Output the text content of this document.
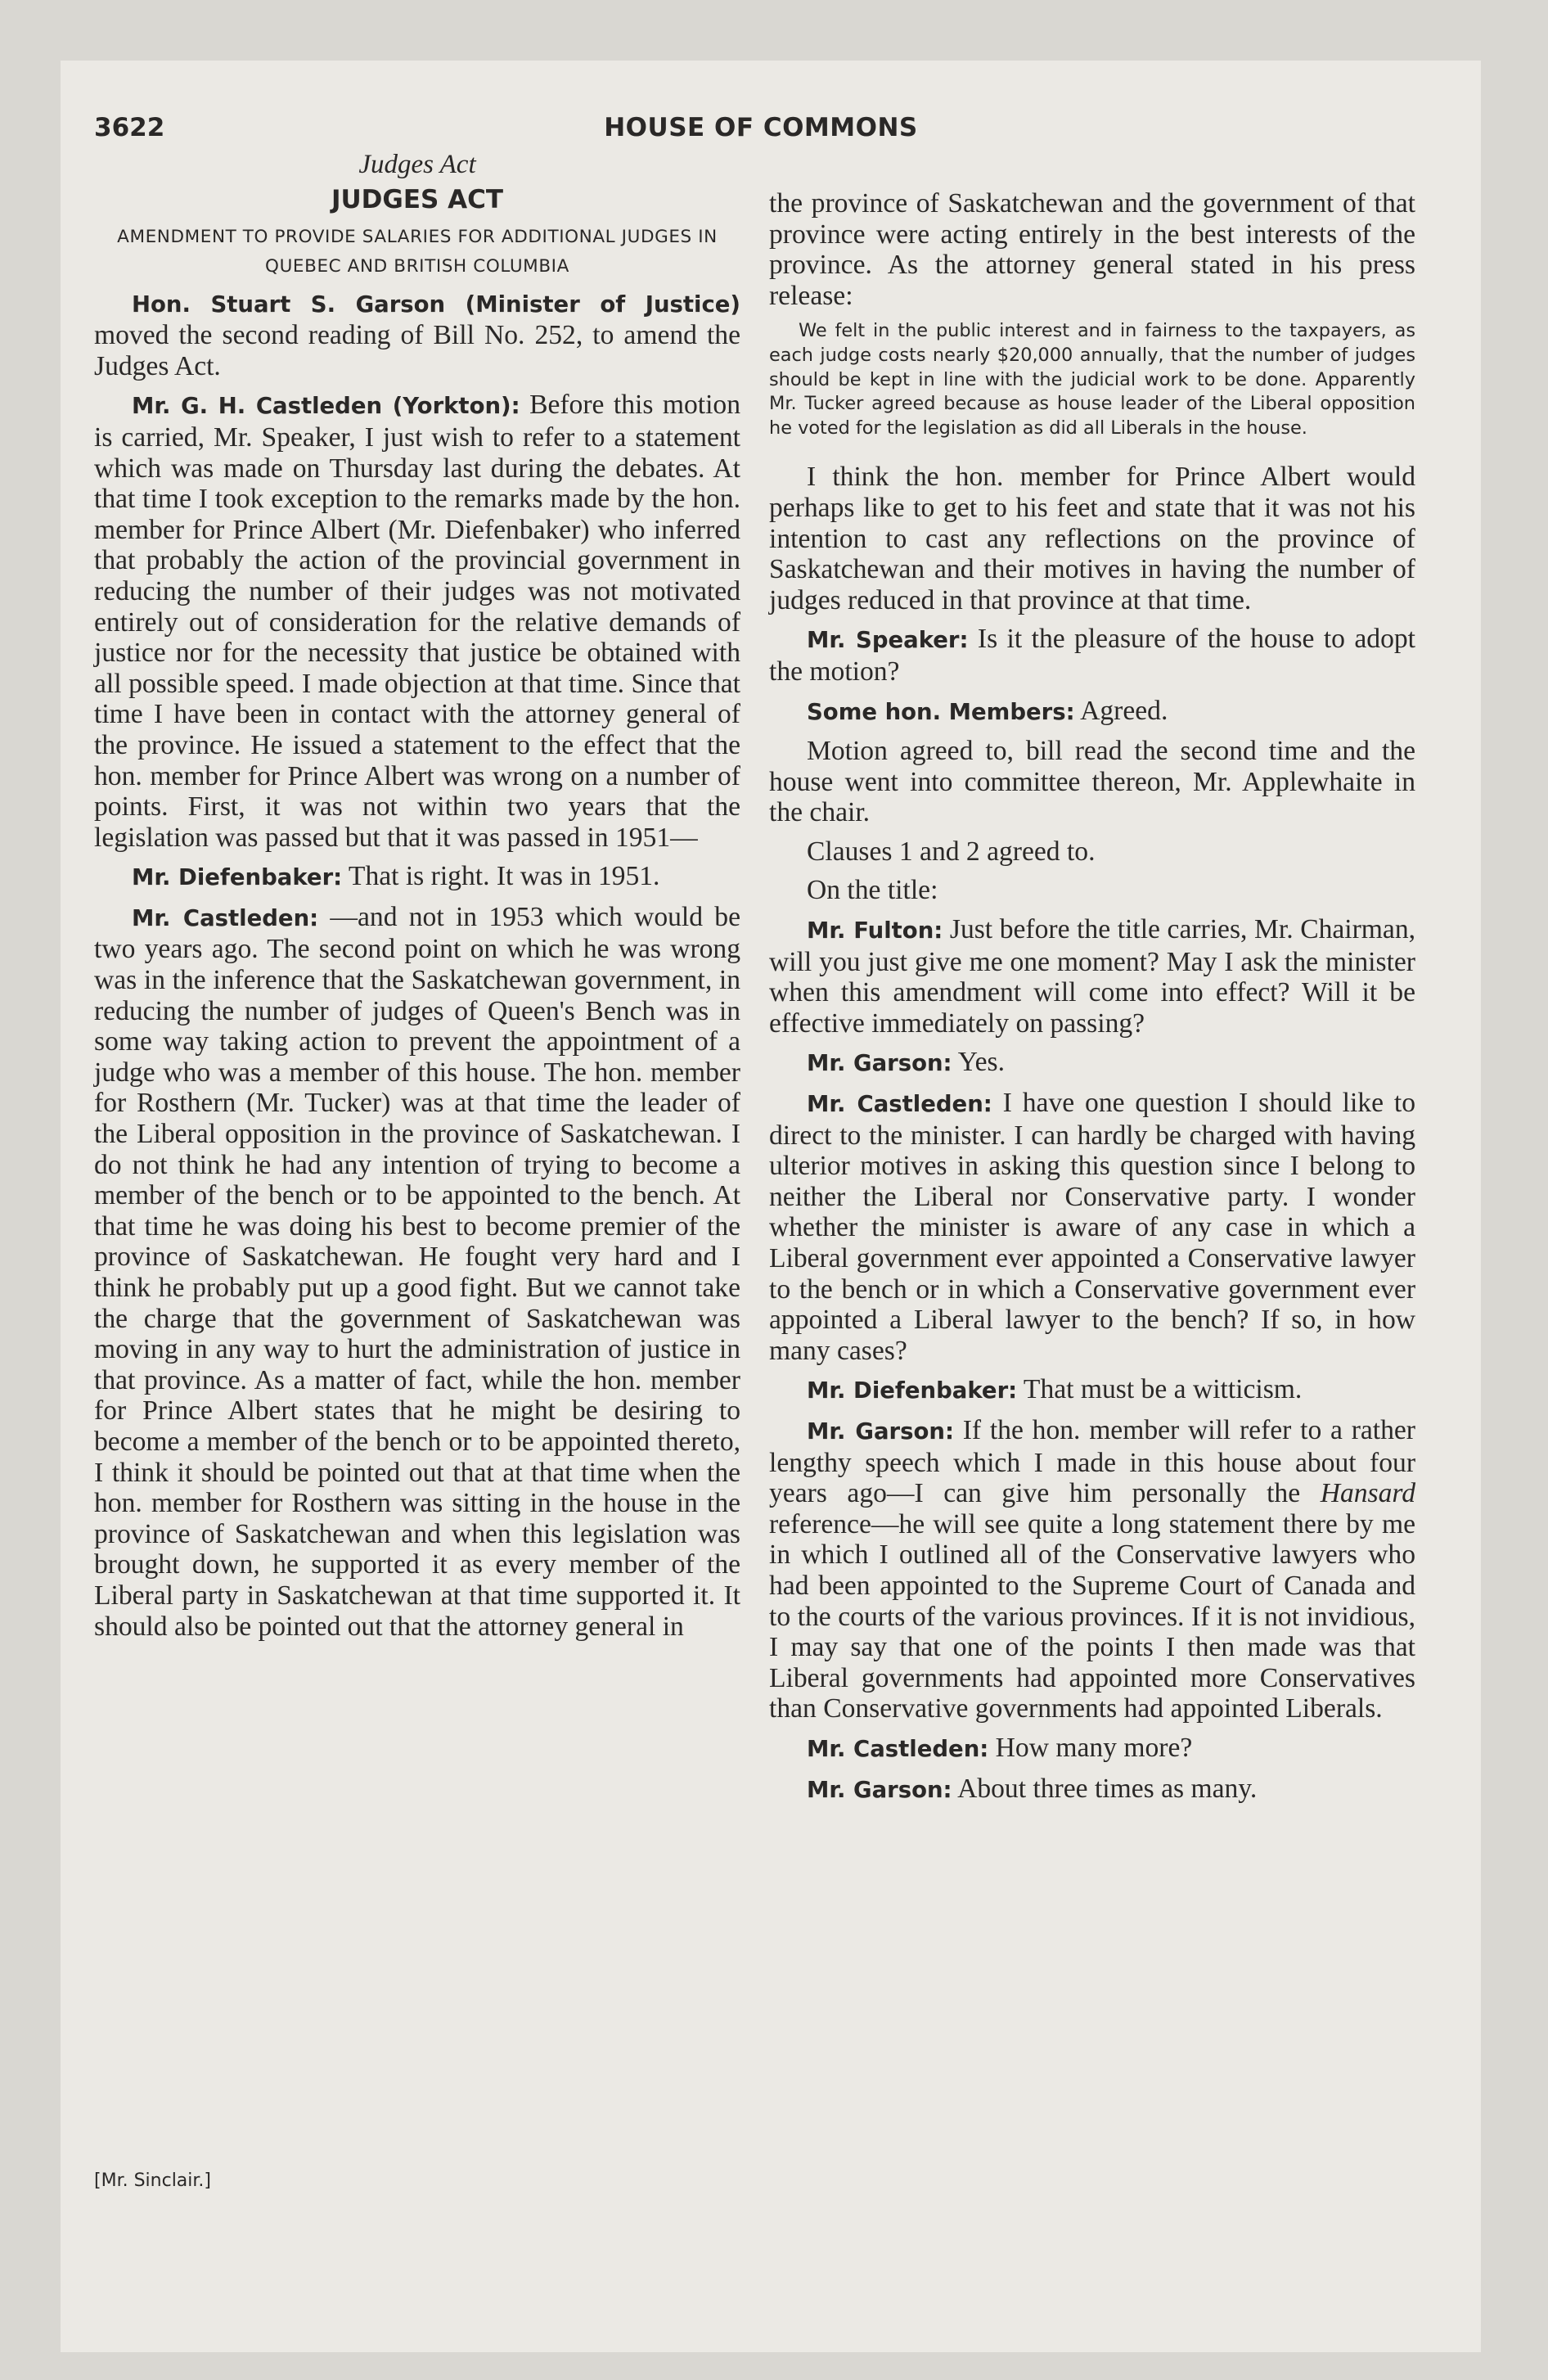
3622	HOUSE OF COMMONS
Judges Act
JUDGES ACT
AMENDMENT TO PROVIDE SALARIES FOR ADDITIONAL JUDGES IN QUEBEC AND BRITISH COLUMBIA

Hon. Stuart S. Garson (Minister of Justice) moved the second reading of Bill No. 252, to amend the Judges Act.

Mr. G. H. Castleden (Yorkton): Before this motion is carried, Mr. Speaker, I just wish to refer to a statement which was made on Thursday last during the debates. At that time I took exception to the remarks made by the hon. member for Prince Albert (Mr. Diefenbaker) who inferred that probably the action of the provincial government in reducing the number of their judges was not motivated entirely out of consideration for the relative demands of justice nor for the necessity that justice be obtained with all possible speed. I made objection at that time. Since that time I have been in contact with the attorney general of the province. He issued a statement to the effect that the hon. member for Prince Albert was wrong on a number of points. First, it was not within two years that the legislation was passed but that it was passed in 1951—

Mr. Diefenbaker: That is right. It was in 1951.

Mr. Castleden: —and not in 1953 which would be two years ago. The second point on which he was wrong was in the inference that the Saskatchewan government, in reducing the number of judges of Queen's Bench was in some way taking action to prevent the appointment of a judge who was a member of this house. The hon. member for Rosthern (Mr. Tucker) was at that time the leader of the Liberal opposition in the province of Saskatchewan. I do not think he had any intention of trying to become a member of the bench or to be appointed to the bench. At that time he was doing his best to become premier of the province of Saskatchewan. He fought very hard and I think he probably put up a good fight. But we cannot take the charge that the government of Saskatchewan was moving in any way to hurt the administration of justice in that province. As a matter of fact, while the hon. member for Prince Albert states that he might be desiring to become a member of the bench or to be appointed thereto, I think it should be pointed out that at that time when the hon. member for Rosthern was sitting in the house in the province of Saskatchewan and when this legislation was brought down, he supported it as every member of the Liberal party in Saskatchewan at that time supported it. It should also be pointed out that the attorney general in

the province of Saskatchewan and the government of that province were acting entirely in the best interests of the province. As the attorney general stated in his press release:

We felt in the public interest and in fairness to the taxpayers, as each judge costs nearly $20,000 annually, that the number of judges should be kept in line with the judicial work to be done. Apparently Mr. Tucker agreed because as house leader of the Liberal opposition he voted for the legislation as did all Liberals in the house.

I think the hon. member for Prince Albert would perhaps like to get to his feet and state that it was not his intention to cast any reflections on the province of Saskatchewan and their motives in having the number of judges reduced in that province at that time.

Mr. Speaker: Is it the pleasure of the house to adopt the motion?

Some hon. Members: Agreed.

Motion agreed to, bill read the second time and the house went into committee thereon, Mr. Applewhaite in the chair.

Clauses 1 and 2 agreed to.

On the title:

Mr. Fulton: Just before the title carries, Mr. Chairman, will you just give me one moment? May I ask the minister when this amendment will come into effect? Will it be effective immediately on passing?

Mr. Garson: Yes.

Mr. Castleden: I have one question I should like to direct to the minister. I can hardly be charged with having ulterior motives in asking this question since I belong to neither the Liberal nor Conservative party. I wonder whether the minister is aware of any case in which a Liberal government ever appointed a Conservative lawyer to the bench or in which a Conservative government ever appointed a Liberal lawyer to the bench? If so, in how many cases?

Mr. Diefenbaker: That must be a witticism.

Mr. Garson: If the hon. member will refer to a rather lengthy speech which I made in this house about four years ago—I can give him personally the Hansard reference—he will see quite a long statement there by me in which I outlined all of the Conservative lawyers who had been appointed to the Supreme Court of Canada and to the courts of the various provinces. If it is not invidious, I may say that one of the points I then made was that Liberal governments had appointed more Conservatives than Conservative governments had appointed Liberals.

Mr. Castleden: How many more?

Mr. Garson: About three times as many.

[Mr. Sinclair.]
